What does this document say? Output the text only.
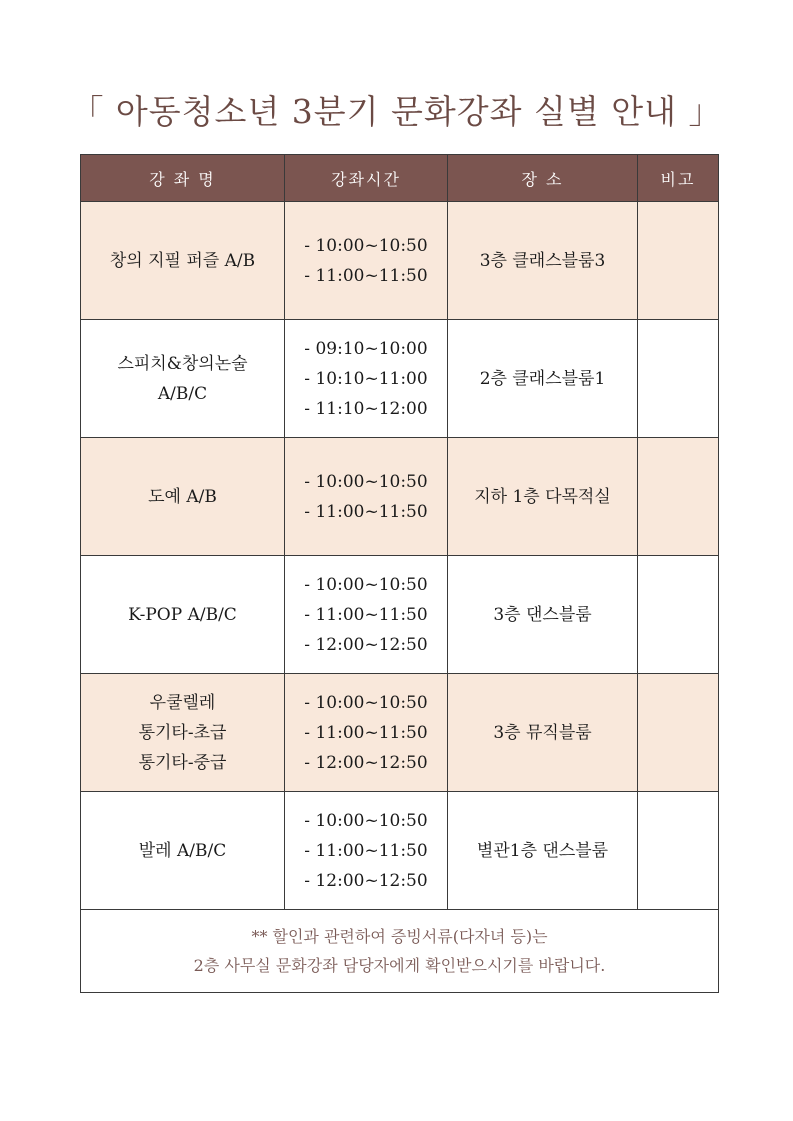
「 아동청소년 3분기 문화강좌 실별 안내 」
강 좌 명	강좌시간	장 소	비고

창의 지필 퍼즐 A/B	- 10:00~10:50
- 11:00~11:50	3층 클래스블룸3	

스피치&창의논술
A/B/C	- 09:10~10:00
- 10:10~11:00
- 11:10~12:00	2층 클래스블룸1	

도예 A/B	- 10:00~10:50
- 11:00~11:50	지하 1층 다목적실	

K-POP A/B/C	- 10:00~10:50
- 11:00~11:50
- 12:00~12:50	3층 댄스블룸	

우쿨렐레
통기타-초급
통기타-중급	- 10:00~10:50
- 11:00~11:50
- 12:00~12:50	3층 뮤직블룸	

발레 A/B/C	- 10:00~10:50
- 11:00~11:50
- 12:00~12:50	별관1층 댄스블룸	

** 할인과 관련하여 증빙서류(다자녀 등)는
2층 사무실 문화강좌 담당자에게 확인받으시기를 바랍니다.			
